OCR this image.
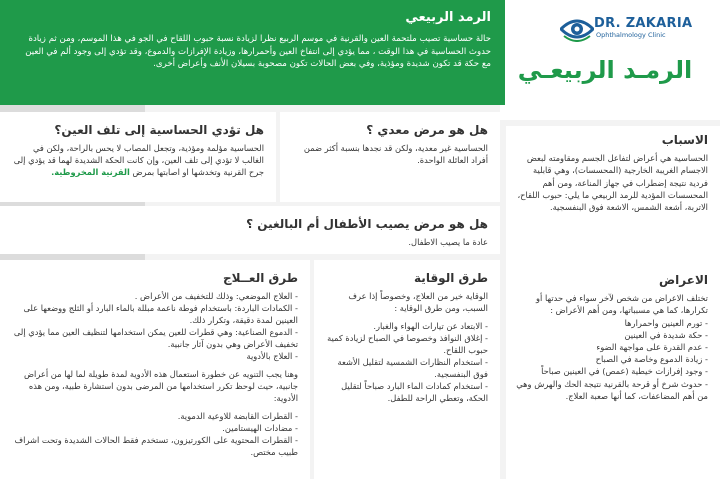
DR. ZAKARIA
Ophthalmology Clinic
الرمـد الربيعـي
الرمد الربيعي

حالة حساسية تصيب ملتحمة العين والقرنية في موسم الربيع نظرا لزيادة نسبة حبوب اللقاح في الجو في هذا الموسم، ومن ثم زيادة حدوث الحساسية في هذا الوقت ، مما يؤدي إلى انتفاخ العين وأحمرارها، وزيادة الإفرازات والدموع، وقد تؤدي إلى وجود ألم في العين مع حكة قد تكون شديدة ومؤذية، وفي بعض الحالات تكون مصحوبة بسيلان الأنف وأعراض أخرى.

هل هو مرض معدي ؟

الحساسية غير معدية، ولكن قد نجدها بنسبة أكثر ضمن أفراد العائلة الواحدة.

هل تؤدي الحساسية إلى تلف العين؟

الحساسية مؤلمة ومؤذية، وتجعل المصاب لا يحس بالراحة، ولكن في الغالب لا تؤدي إلى تلف العين، وإن كانت الحكة الشديدة لهما قد يؤدي إلى جرح القرنية وتخدشها او اصابتها بمرض القرنية المخروطية.

هل هو مرض يصيب الأطفال أم البالغين ؟

عادة ما يصيب الاطفال.

الاسباب

الحساسية هي أعراض لتفاعل الجسم ومقاومته لبعض الاجسام الغريبة الخارجية (المحسسات)، وهي قابلية فردية نتيجة إضطراب في جهاز المناعة، ومن أهم المحسسات المؤدية للرمد الربيعي ما يلي: حبوب اللقاح، الاتربة، أشعة الشمس، الاشعة فوق البنفسجية.

الاعراض

تختلف الاعراض من شخص لآخر سواء في حدتها أو تكرارها، كما هي مسبباتها، ومن أهم الأعراض :

- تورم العينين واحمرارها
- حكة شديدة في العينين
- عدم القدرة على مواجهة الضوء
- زيادة الدموع وخاصة في الصباح
- وجود إفرازات خيطية (عمص) في العينين صباحاً
- حدوث شرخ أو قرحة بالقرنية نتيجة الحك والهرش وهي من أهم المضاعفات، كما أنها صعبة العلاج.
طرق الوقاية

الوقاية خير من العلاج، وخصوصاً إذا عرف السبب، ومن طرق الوقاية :

- الابتعاد عن تيارات الهواء والغبار.
- إغلاق النوافذ وخصوصا في الصباح لزيادة كمية حبوب اللقاح.
- استخدام النظارات الشمسية لتقليل الأشعة فوق البنفسجية.
- استخدام كمادات الماء البارد صباحاً لتقليل الحكة، وتعطي الراحة للطفل.
طرق العــلاج
- العلاج الموضعي: وذلك للتخفيف من الأعراض .
- الكمادات الباردة: باستخدام فوطة ناعمة مبللة بالماء البارد أو الثلج ووضعها على العينين لمدة دقيقة، وتكرار ذلك.
- الدموع الصناعية: وهي قطرات للعين يمكن استخدامها لتنظيف العين مما يؤدي إلى تخفيف الأعراض وهي بدون آثار جانبية.
- العلاج بالأدوية

وهنا يجب التنويه عن خطورة استعمال هذه الأدوية لمدة طويلة لما لها من أعراض جانبية، حيث لوحظ تكرر استخدامها من المرضى بدون استشارة طبية، ومن هذه الأدوية:

- القطرات القابضة للاوعية الدموية.
- مضادات الهيستامين.
- القطرات المحتوية على الكورتيزون، تستخدم فقط الحالات الشديدة وتحت اشراف طبيب مختص.
